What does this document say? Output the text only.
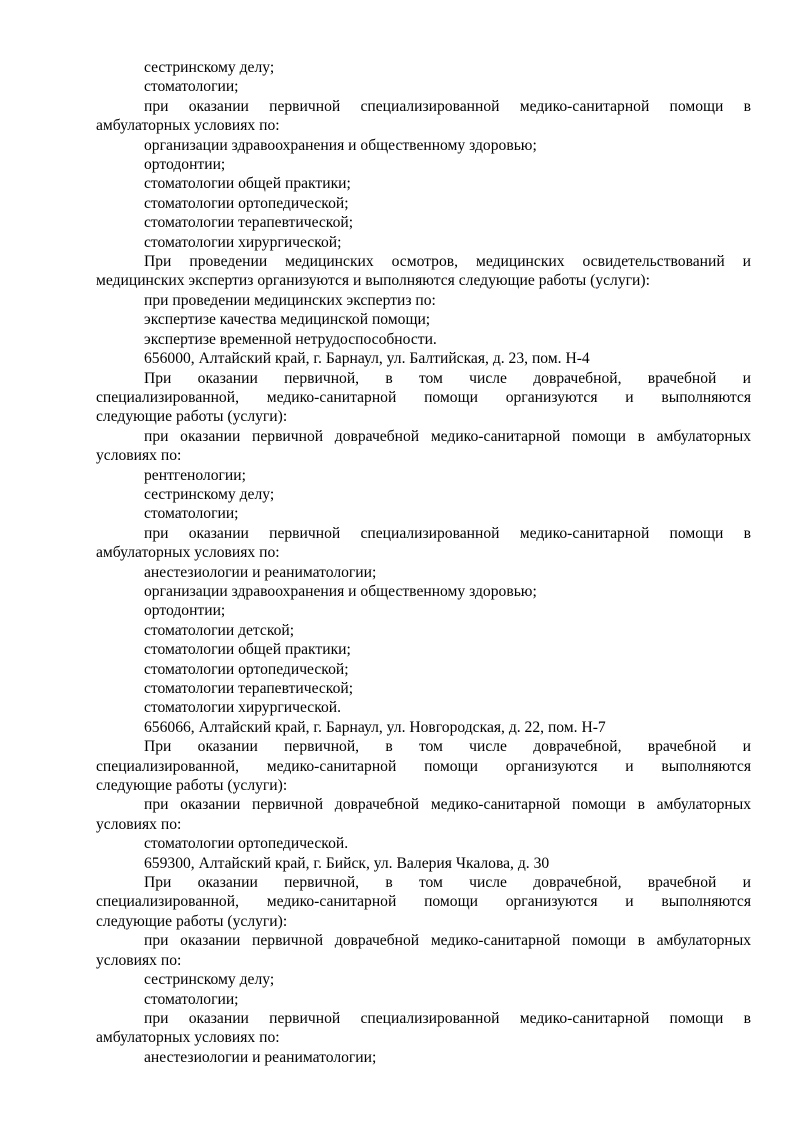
сестринскому делу;
стоматологии;
при оказании первичной специализированной медико-санитарной помощи в
амбулаторных условиях по:
организации здравоохранения и общественному здоровью;
ортодонтии;
стоматологии общей практики;
стоматологии ортопедической;
стоматологии терапевтической;
стоматологии хирургической;
При проведении медицинских осмотров, медицинских освидетельствований и
медицинских экспертиз организуются и выполняются следующие работы (услуги):
при проведении медицинских экспертиз по:
экспертизе качества медицинской помощи;
экспертизе временной нетрудоспособности.
656000, Алтайский край, г. Барнаул, ул. Балтийская, д. 23, пом. Н-4
При оказании первичной, в том числе доврачебной, врачебной и
специализированной, медико-санитарной помощи организуются и выполняются
следующие работы (услуги):
при оказании первичной доврачебной медико-санитарной помощи в амбулаторных
условиях по:
рентгенологии;
сестринскому делу;
стоматологии;
при оказании первичной специализированной медико-санитарной помощи в
амбулаторных условиях по:
анестезиологии и реаниматологии;
организации здравоохранения и общественному здоровью;
ортодонтии;
стоматологии детской;
стоматологии общей практики;
стоматологии ортопедической;
стоматологии терапевтической;
стоматологии хирургической.
656066, Алтайский край, г. Барнаул, ул. Новгородская, д. 22, пом. Н-7
При оказании первичной, в том числе доврачебной, врачебной и
специализированной, медико-санитарной помощи организуются и выполняются
следующие работы (услуги):
при оказании первичной доврачебной медико-санитарной помощи в амбулаторных
условиях по:
стоматологии ортопедической.
659300, Алтайский край, г. Бийск, ул. Валерия Чкалова, д. 30
При оказании первичной, в том числе доврачебной, врачебной и
специализированной, медико-санитарной помощи организуются и выполняются
следующие работы (услуги):
при оказании первичной доврачебной медико-санитарной помощи в амбулаторных
условиях по:
сестринскому делу;
стоматологии;
при оказании первичной специализированной медико-санитарной помощи в
амбулаторных условиях по:
анестезиологии и реаниматологии;
